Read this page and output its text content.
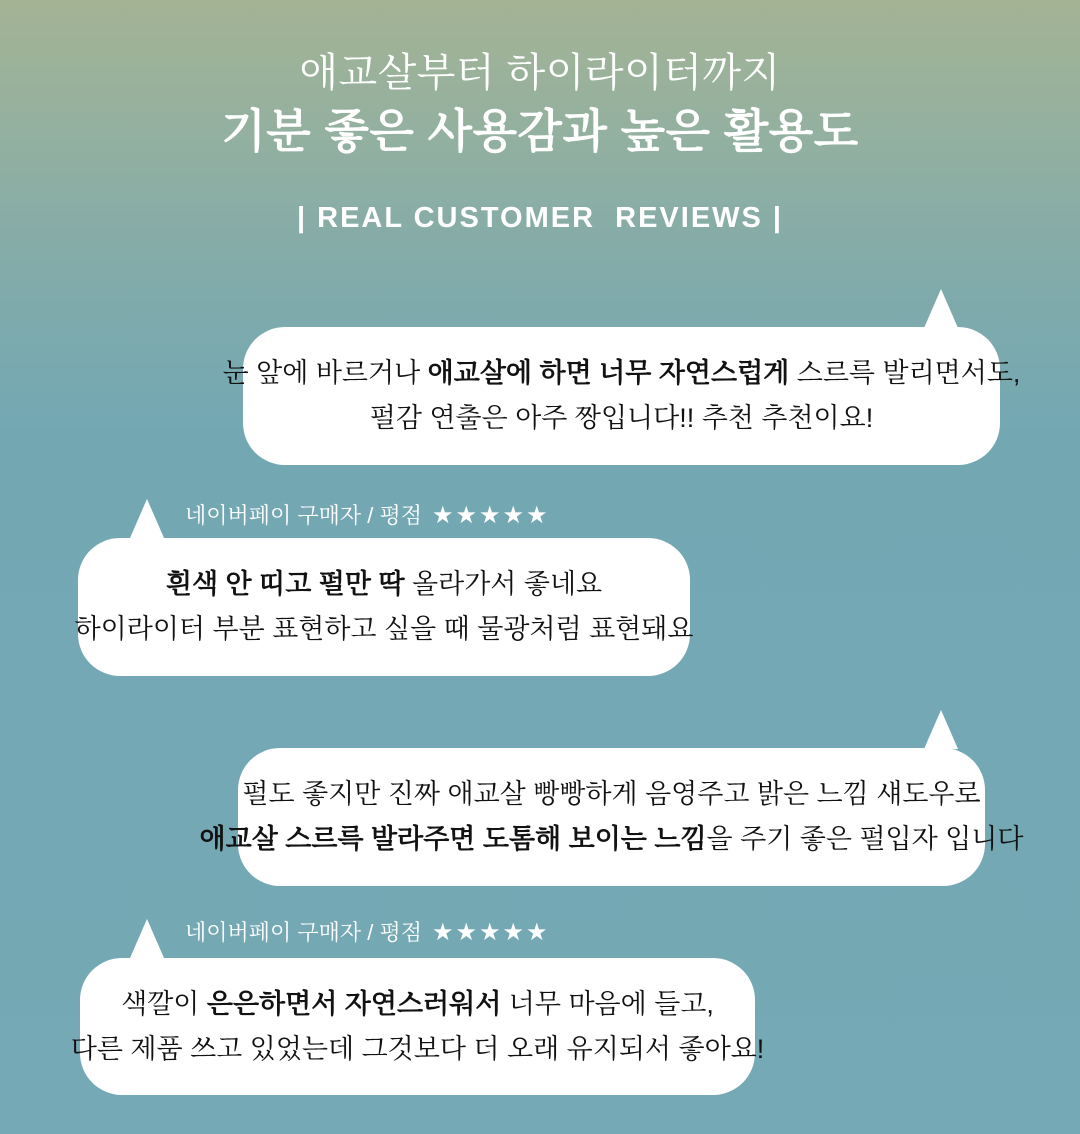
애교살부터 하이라이터까지
기분 좋은 사용감과 높은 활용도
| REAL CUSTOMER  REVIEWS |

눈 앞에 바르거나 애교살에 하면 너무 자연스럽게 스르륵 발리면서도,

펄감 연출은 아주 짱입니다!! 추천 추천이요!

네이버페이 구매자 / 평점 ★★★★★

흰색 안 띠고 펄만 딱 올라가서 좋네요

하이라이터 부분 표현하고 싶을 때 물광처럼 표현돼요

펄도 좋지만 진짜 애교살 빵빵하게 음영주고 밝은 느낌 섀도우로

애교살 스르륵 발라주면 도톰해 보이는 느낌을 주기 좋은 펄입자 입니다

네이버페이 구매자 / 평점 ★★★★★

색깔이 은은하면서 자연스러워서 너무 마음에 들고,

다른 제품 쓰고 있었는데 그것보다 더 오래 유지되서 좋아요!
